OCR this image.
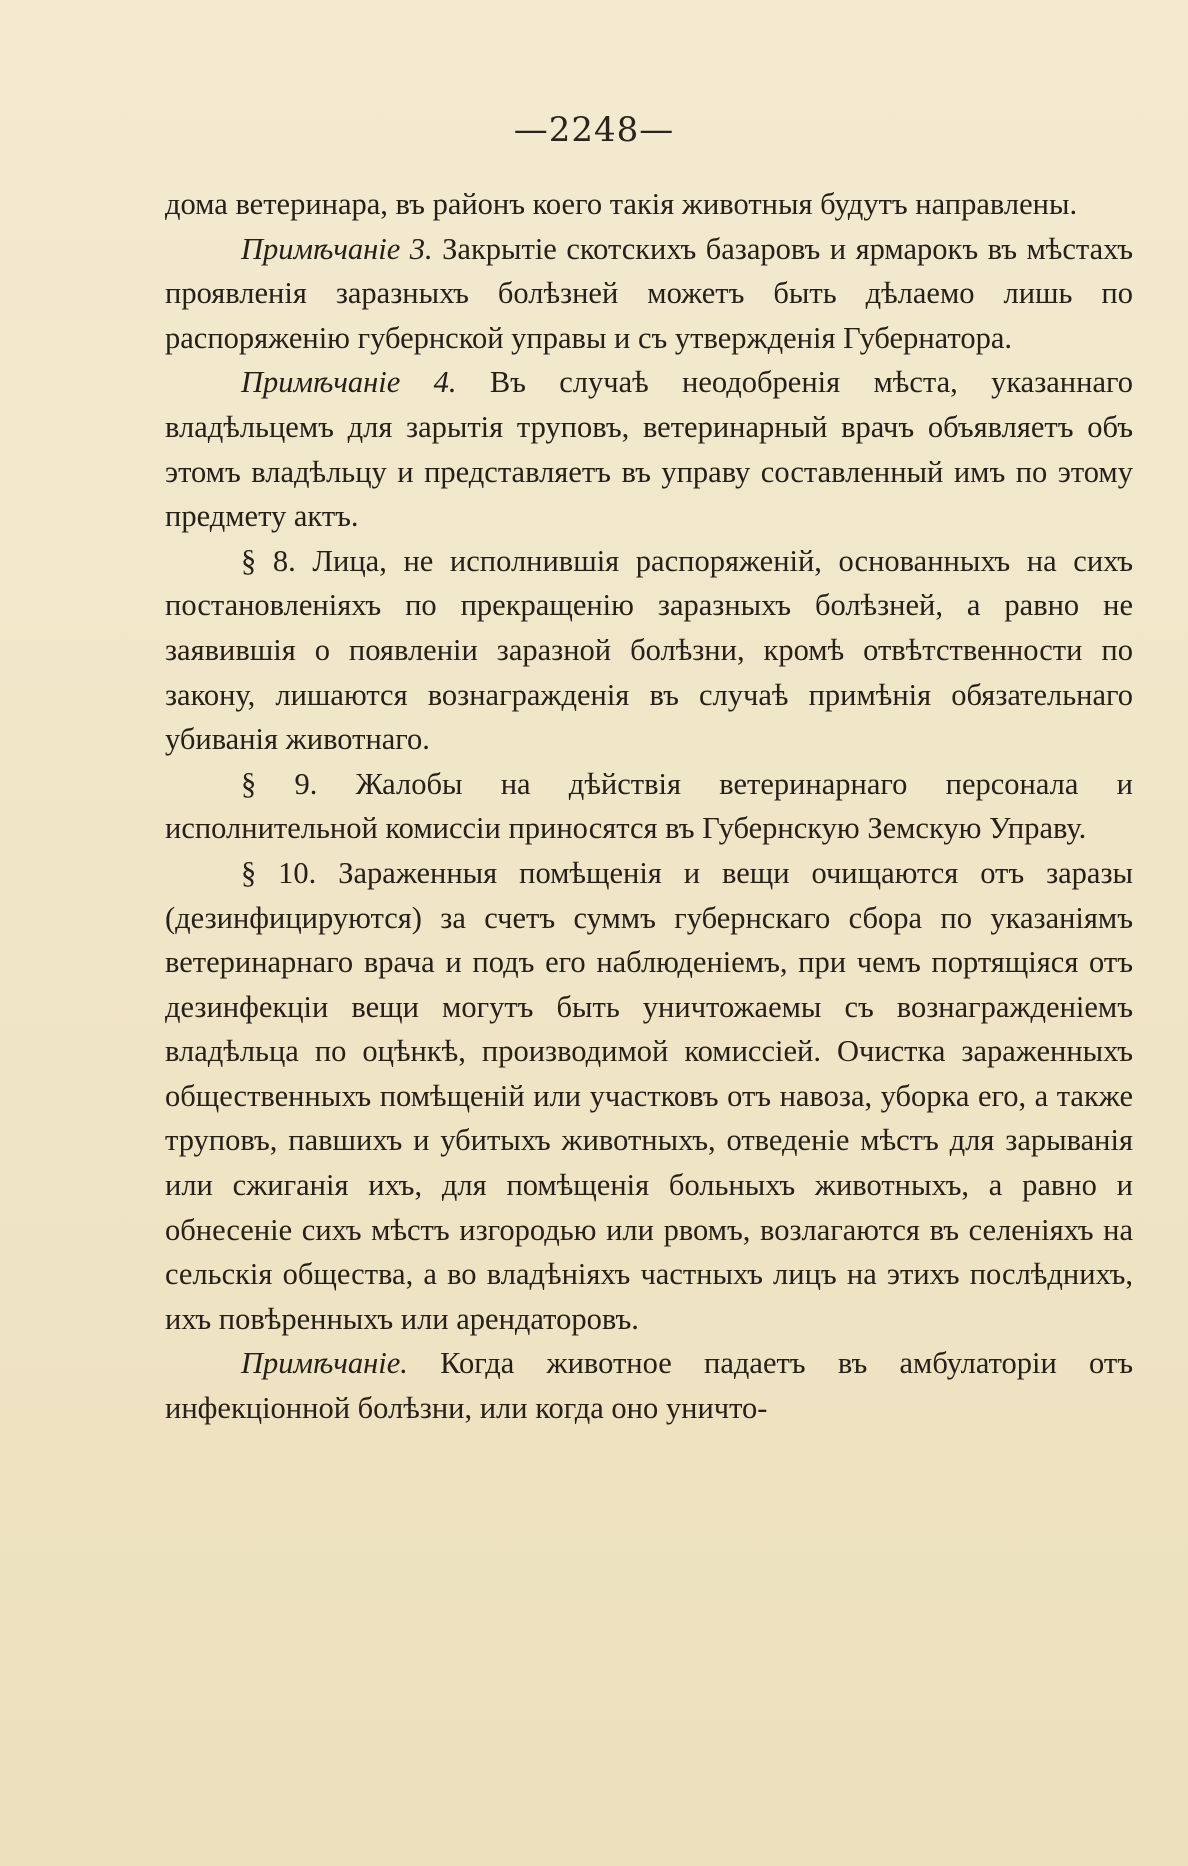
—2248—

дома ветеринара, въ районъ коего такія животныя будутъ направлены.

Примѣчаніе 3. Закрытіе скотскихъ базаровъ и ярмарокъ въ мѣстахъ проявленія заразныхъ болѣзней можетъ быть дѣлаемо лишь по распоряженію губернской управы и съ утвержденія Губернатора.

Примѣчаніе 4. Въ случаѣ неодобренія мѣста, указаннаго владѣльцемъ для зарытія труповъ, ветеринарный врачъ объявляетъ объ этомъ владѣльцу и представляетъ въ управу составленный имъ по этому предмету актъ.

§ 8. Лица, не исполнившія распоряженій, основанныхъ на сихъ постановленіяхъ по прекращенію заразныхъ болѣзней, а равно не заявившія о появленіи заразной болѣзни, кромѣ отвѣтственности по закону, лишаются вознагражденія въ случаѣ примѣнія обязательнаго убиванія животнаго.

§ 9. Жалобы на дѣйствія ветеринарнаго персонала и исполнительной комиссіи приносятся въ Губернскую Земскую Управу.

§ 10. Зараженныя помѣщенія и вещи очищаются отъ заразы (дезинфицируются) за счетъ суммъ губернскаго сбора по указаніямъ ветеринарнаго врача и подъ его наблюденіемъ, при чемъ портящіяся отъ дезинфекціи вещи могутъ быть уничтожаемы съ вознагражденіемъ владѣльца по оцѣнкѣ, производимой комиссіей. Очистка зараженныхъ общественныхъ помѣщеній или участковъ отъ навоза, уборка его, а также труповъ, павшихъ и убитыхъ животныхъ, отведеніе мѣстъ для зарыванія или сжиганія ихъ, для помѣщенія больныхъ животныхъ, а равно и обнесеніе сихъ мѣстъ изгородью или рвомъ, возлагаются въ селеніяхъ на сельскія общества, а во владѣніяхъ частныхъ лицъ на этихъ послѣднихъ, ихъ повѣренныхъ или арендаторовъ.

Примѣчаніе. Когда животное падаетъ въ амбулаторіи отъ инфекціонной болѣзни, или когда оно уничто-
